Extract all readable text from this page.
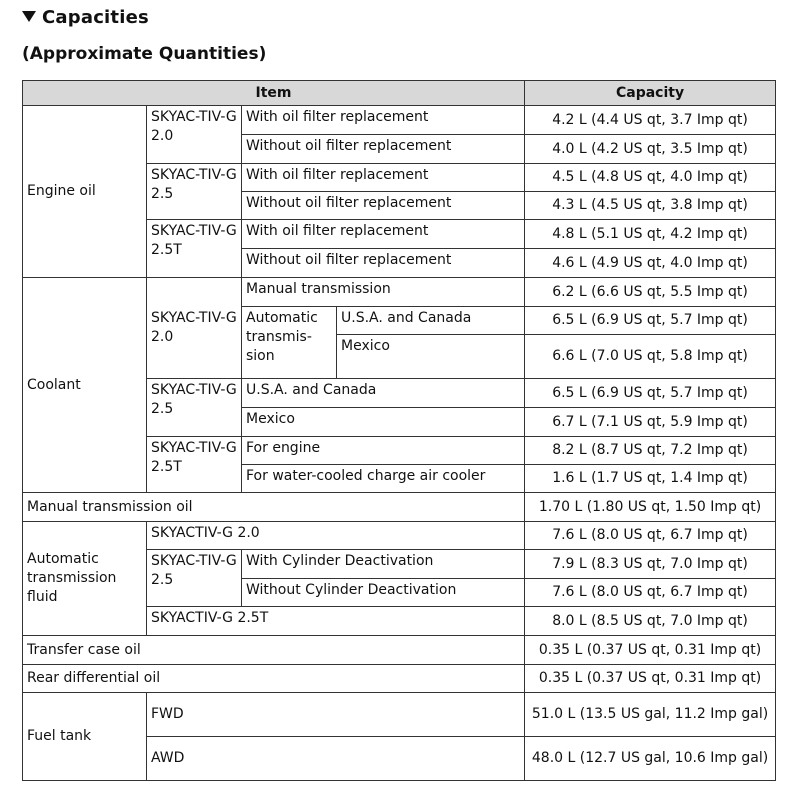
Capacities
(Approximate Quantities)
Item				Capacity
Engine oil	SKYAC-TIV-G 2.0	With oil filter replacement		4.2 L (4.4 US qt, 3.7 Imp qt)
		Without oil filter replacement		4.0 L (4.2 US qt, 3.5 Imp qt)
	SKYAC-TIV-G 2.5	With oil filter replacement		4.5 L (4.8 US qt, 4.0 Imp qt)
		Without oil filter replacement		4.3 L (4.5 US qt, 3.8 Imp qt)
	SKYAC-TIV-G 2.5T	With oil filter replacement		4.8 L (5.1 US qt, 4.2 Imp qt)
		Without oil filter replacement		4.6 L (4.9 US qt, 4.0 Imp qt)
Coolant	SKYAC-TIV-G 2.0	Manual transmission		6.2 L (6.6 US qt, 5.5 Imp qt)
		Automatic transmis-sion	U.S.A. and Canada	6.5 L (6.9 US qt, 5.7 Imp qt)
			Mexico	6.6 L (7.0 US qt, 5.8 Imp qt)
	SKYAC-TIV-G 2.5	U.S.A. and Canada		6.5 L (6.9 US qt, 5.7 Imp qt)
		Mexico		6.7 L (7.1 US qt, 5.9 Imp qt)
	SKYAC-TIV-G 2.5T	For engine		8.2 L (8.7 US qt, 7.2 Imp qt)
		For water-cooled charge air cooler		1.6 L (1.7 US qt, 1.4 Imp qt)
Manual transmission oil				1.70 L (1.80 US qt, 1.50 Imp qt)
Automatic transmission fluid	SKYACTIV-G 2.0			7.6 L (8.0 US qt, 6.7 Imp qt)
	SKYAC-TIV-G 2.5	With Cylinder Deactivation		7.9 L (8.3 US qt, 7.0 Imp qt)
		Without Cylinder Deactivation		7.6 L (8.0 US qt, 6.7 Imp qt)
	SKYACTIV-G 2.5T			8.0 L (8.5 US qt, 7.0 Imp qt)
Transfer case oil				0.35 L (0.37 US qt, 0.31 Imp qt)
Rear differential oil				0.35 L (0.37 US qt, 0.31 Imp qt)
Fuel tank	FWD			51.0 L (13.5 US gal, 11.2 Imp gal)
	AWD			48.0 L (12.7 US gal, 10.6 Imp gal)
